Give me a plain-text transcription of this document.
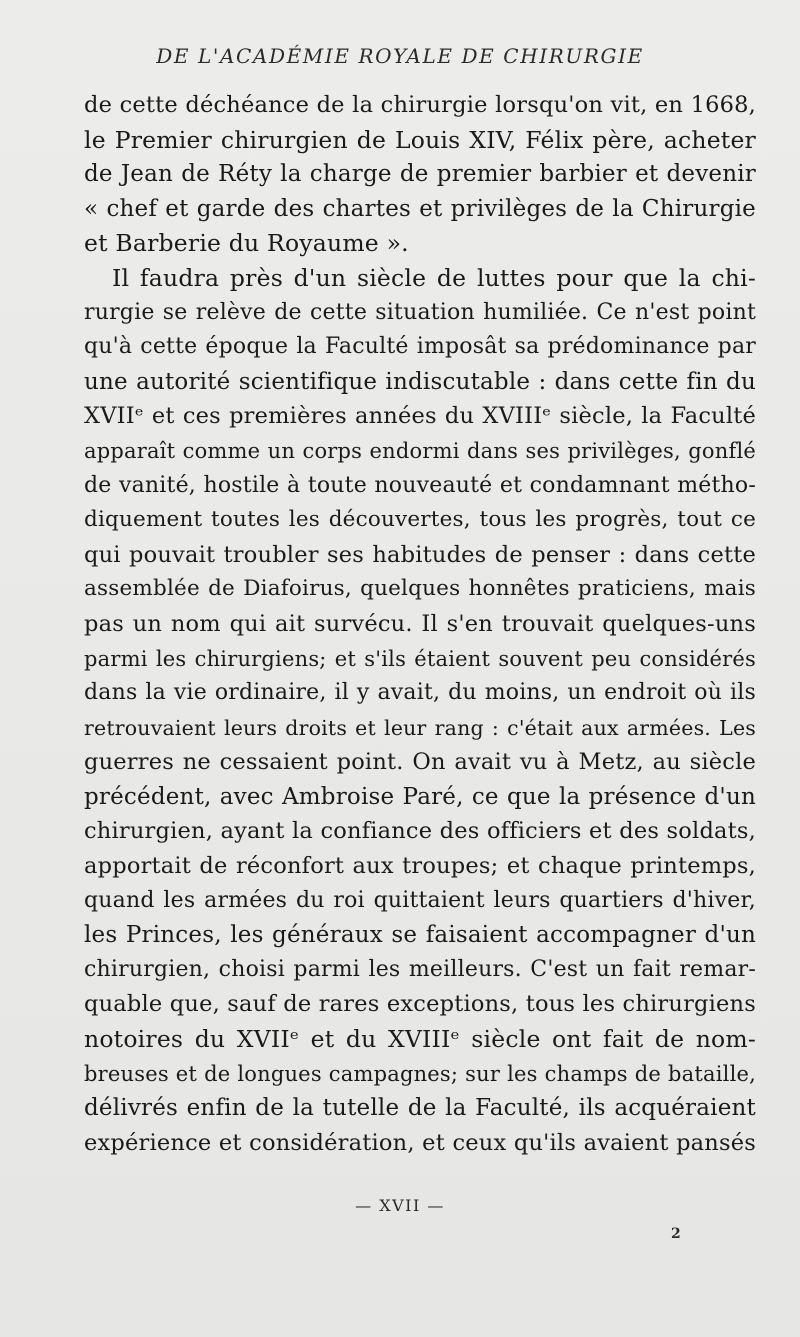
DE L'ACADÉMIE ROYALE DE CHIRURGIE
de cette déchéance de la chirurgie lorsqu'on vit, en 1668,
le Premier chirurgien de Louis XIV, Félix père, acheter
de Jean de Réty la charge de premier barbier et devenir
« chef et garde des chartes et privilèges de la Chirurgie
et Barberie du Royaume ».
Il faudra près d'un siècle de luttes pour que la chi-
rurgie se relève de cette situation humiliée. Ce n'est point
qu'à cette époque la Faculté imposât sa prédominance par
une autorité scientifique indiscutable : dans cette fin du
XVIIᵉ et ces premières années du XVIIIᵉ siècle, la Faculté
apparaît comme un corps endormi dans ses privilèges, gonflé
de vanité, hostile à toute nouveauté et condamnant métho-
diquement toutes les découvertes, tous les progrès, tout ce
qui pouvait troubler ses habitudes de penser : dans cette
assemblée de Diafoirus, quelques honnêtes praticiens, mais
pas un nom qui ait survécu. Il s'en trouvait quelques-uns
parmi les chirurgiens; et s'ils étaient souvent peu considérés
dans la vie ordinaire, il y avait, du moins, un endroit où ils
retrouvaient leurs droits et leur rang : c'était aux armées. Les
guerres ne cessaient point. On avait vu à Metz, au siècle
précédent, avec Ambroise Paré, ce que la présence d'un
chirurgien, ayant la confiance des officiers et des soldats,
apportait de réconfort aux troupes; et chaque printemps,
quand les armées du roi quittaient leurs quartiers d'hiver,
les Princes, les généraux se faisaient accompagner d'un
chirurgien, choisi parmi les meilleurs. C'est un fait remar-
quable que, sauf de rares exceptions, tous les chirurgiens
notoires du XVIIᵉ et du XVIIIᵉ siècle ont fait de nom-
breuses et de longues campagnes; sur les champs de bataille,
délivrés enfin de la tutelle de la Faculté, ils acquéraient
expérience et considération, et ceux qu'ils avaient pansés
— XVII —
2
